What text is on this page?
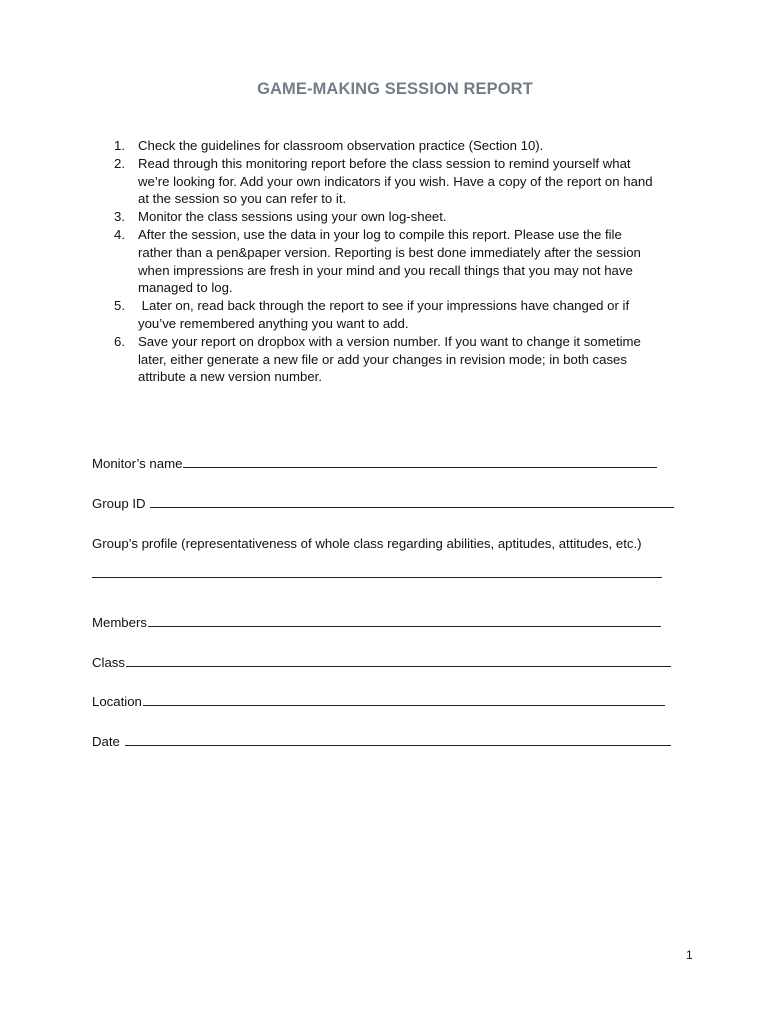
GAME-MAKING SESSION REPORT
1. Check the guidelines for classroom observation practice (Section 10).
2. Read through this monitoring report before the class session to remind yourself what
we’re looking for. Add your own indicators if you wish. Have a copy of the report on hand
at the session so you can refer to it.
3. Monitor the class sessions using your own log-sheet.
4. After the session, use the data in your log to compile this report. Please use the file
rather than a pen&paper version. Reporting is best done immediately after the session
when impressions are fresh in your mind and you recall things that you may not have
managed to log.
5. Later on, read back through the report to see if your impressions have changed or if
you’ve remembered anything you want to add.
6. Save your report on dropbox with a version number. If you want to change it sometime
later, either generate a new file or add your changes in revision mode; in both cases
attribute a new version number.
Monitor’s name
Group ID
Group’s profile (representativeness of whole class regarding abilities, aptitudes, attitudes, etc.)
Members
Class
Location
Date
1
